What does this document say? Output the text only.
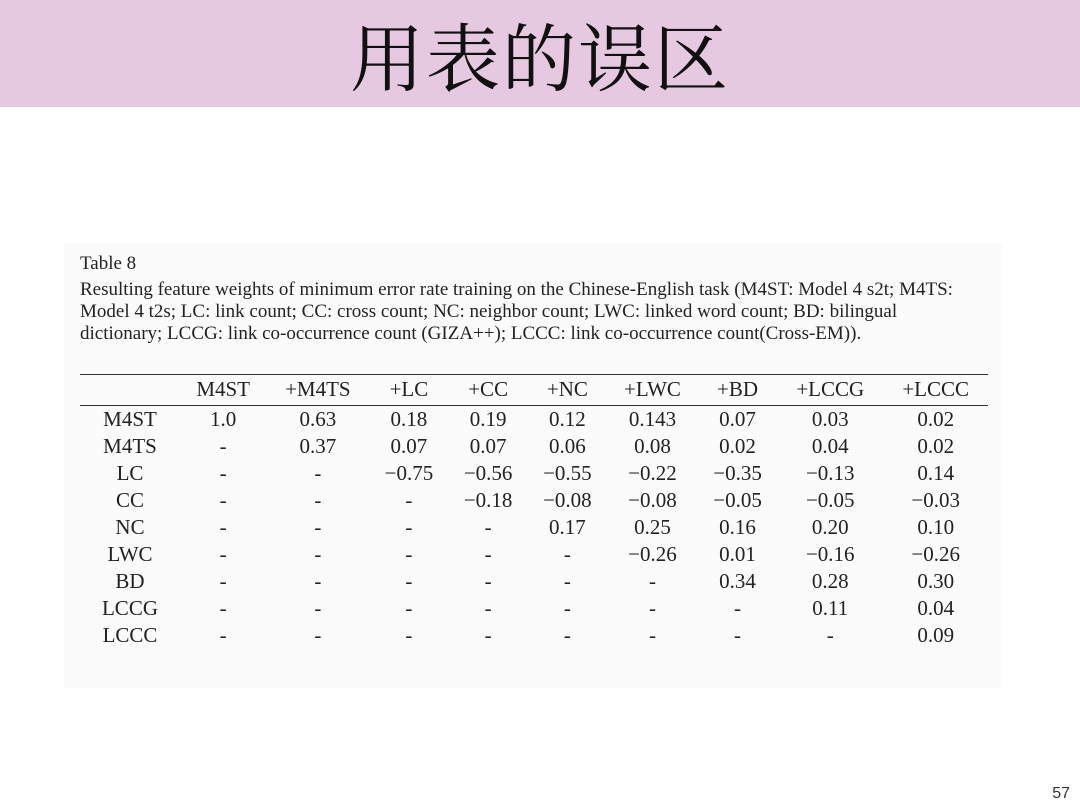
用表的误区
Table 8
Resulting feature weights of minimum error rate training on the Chinese-English task (M4ST: Model 4 s2t; M4TS: Model 4 t2s; LC: link count; CC: cross count; NC: neighbor count; LWC: linked word count; BD: bilingual dictionary; LCCG: link co-occurrence count (GIZA++); LCCC: link co-occurrence count(Cross-EM)).
	M4ST	+M4TS	+LC	+CC	+NC	+LWC	+BD	+LCCG	+LCCC
M4ST	1.0	0.63	0.18	0.19	0.12	0.143	0.07	0.03	0.02
M4TS	-	0.37	0.07	0.07	0.06	0.08	0.02	0.04	0.02
LC	-	-	−0.75	−0.56	−0.55	−0.22	−0.35	−0.13	0.14
CC	-	-	-	−0.18	−0.08	−0.08	−0.05	−0.05	−0.03
NC	-	-	-	-	0.17	0.25	0.16	0.20	0.10
LWC	-	-	-	-	-	−0.26	0.01	−0.16	−0.26
BD	-	-	-	-	-	-	0.34	0.28	0.30
LCCG	-	-	-	-	-	-	-	0.11	0.04
LCCC	-	-	-	-	-	-	-	-	0.09
57
